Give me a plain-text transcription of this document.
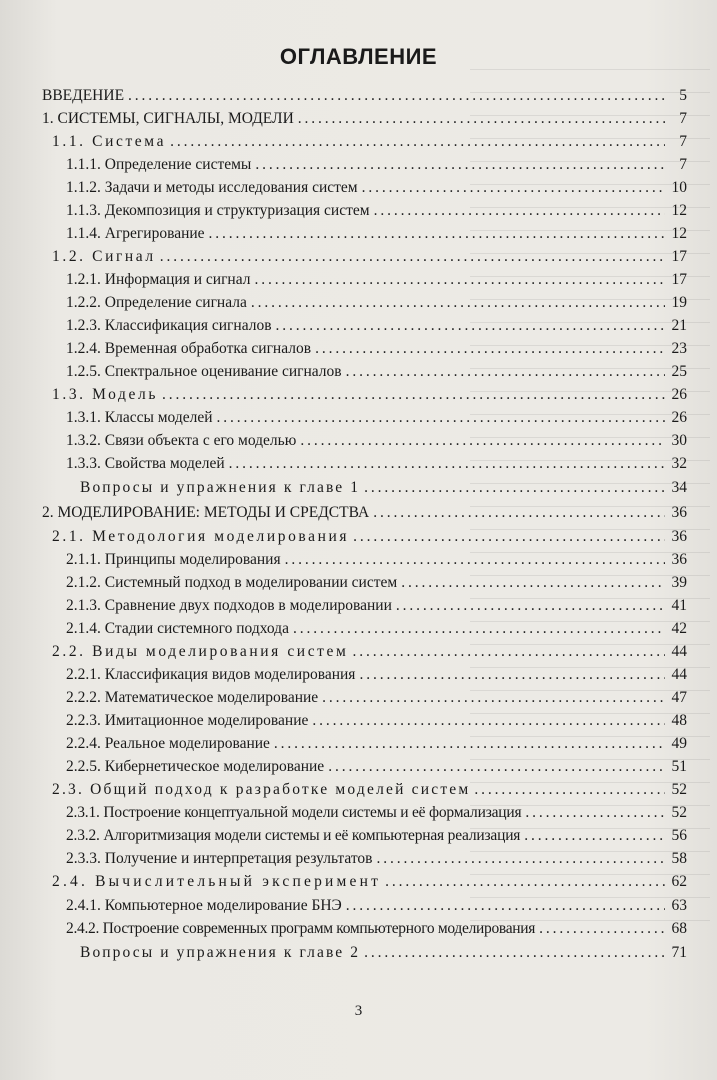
ОГЛАВЛЕНИЕ
ВВЕДЕНИЕ . . .	5
1. СИСТЕМЫ, СИГНАЛЫ, МОДЕЛИ . . .	7
1.1. Система . . .	7
1.1.1. Определение системы . . .	7
1.1.2. Задачи и методы исследования систем . . .	10
1.1.3. Декомпозиция и структуризация систем . . .	12
1.1.4. Агрегирование . . .	12
1.2. Сигнал . . .	17
1.2.1. Информация и сигнал . . .	17
1.2.2. Определение сигнала . . .	19
1.2.3. Классификация сигналов . . .	21
1.2.4. Временная обработка сигналов . . .	23
1.2.5. Спектральное оценивание сигналов . . .	25
1.3. Модель . . .	26
1.3.1. Классы моделей . . .	26
1.3.2. Связи объекта с его моделью . . .	30
1.3.3. Свойства моделей . . .	32
Вопросы и упражнения к главе 1 . . .	34
2. МОДЕЛИРОВАНИЕ: МЕТОДЫ И СРЕДСТВА . . .	36
2.1. Методология моделирования . . .	36
2.1.1. Принципы моделирования . . .	36
2.1.2. Системный подход в моделировании систем . . .	39
2.1.3. Сравнение двух подходов в моделировании . . .	41
2.1.4. Стадии системного подхода . . .	42
2.2. Виды моделирования систем . . .	44
2.2.1. Классификация видов моделирования . . .	44
2.2.2. Математическое моделирование . . .	47
2.2.3. Имитационное моделирование . . .	48
2.2.4. Реальное моделирование . . .	49
2.2.5. Кибернетическое моделирование . . .	51
2.3. Общий подход к разработке моделей систем . . .	52
2.3.1. Построение концептуальной модели системы и её формализация . . .	52
2.3.2. Алгоритмизация модели системы и её компьютерная реализация . . .	56
2.3.3. Получение и интерпретация результатов . . .	58
2.4. Вычислительный эксперимент . . .	62
2.4.1. Компьютерное моделирование БНЭ . . .	63
2.4.2. Построение современных программ компьютерного моделирования . . .	68
Вопросы и упражнения к главе 2 . . .	71
3
